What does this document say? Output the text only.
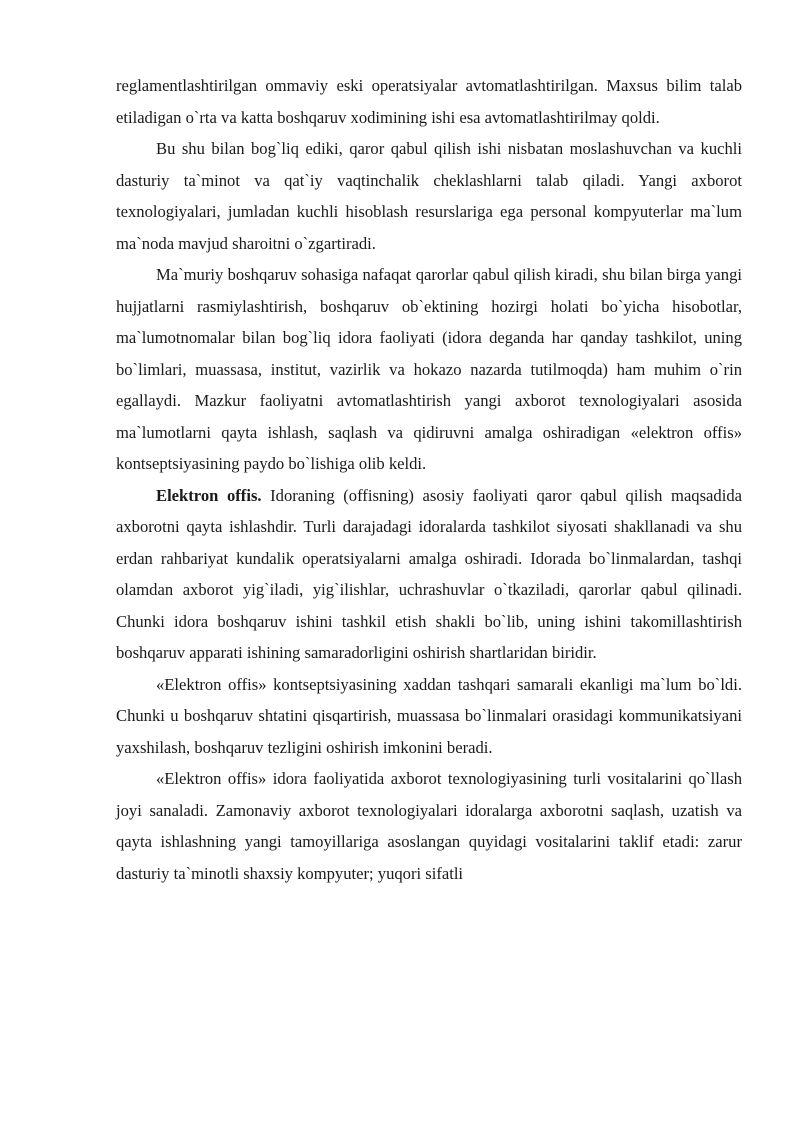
reglamentlashtirilgan ommaviy eski operatsiyalar avtomatlashtirilgan. Maxsus bilim talab etiladigan o`rta va katta boshqaruv xodimining ishi esa avtomatlashtirilmay qoldi.

Bu shu bilan bog`liq ediki, qaror qabul qilish ishi nisbatan moslashuvchan va kuchli dasturiy ta`minot va qat`iy vaqtinchalik cheklashlarni talab qiladi. Yangi axborot texnologiyalari, jumladan kuchli hisoblash resurslariga ega personal kompyuterlar ma`lum ma`noda mavjud sharoitni o`zgartiradi.

Ma`muriy boshqaruv sohasiga nafaqat qarorlar qabul qilish kiradi, shu bilan birga yangi hujjatlarni rasmiylashtirish, boshqaruv ob`ektining hozirgi holati bo`yicha hisobotlar, ma`lumotnomalar bilan bog`liq idora faoliyati (idora deganda har qanday tashkilot, uning bo`limlari, muassasa, institut, vazirlik va hokazo nazarda tutilmoqda) ham muhim o`rin egallaydi. Mazkur faoliyatni avtomatlashtirish yangi axborot texnologiyalari asosida ma`lumotlarni qayta ishlash, saqlash va qidiruvni amalga oshiradigan «elektron offis» kontseptsiyasining paydo bo`lishiga olib keldi.

Elektron offis. Idoraning (offisning) asosiy faoliyati qaror qabul qilish maqsadida axborotni qayta ishlashdir. Turli darajadagi idoralarda tashkilot siyosati shakllanadi va shu erdan rahbariyat kundalik operatsiyalarni amalga oshiradi. Idorada bo`linmalardan, tashqi olamdan axborot yig`iladi, yig`ilishlar, uchrashuvlar o`tkaziladi, qarorlar qabul qilinadi. Chunki idora boshqaruv ishini tashkil etish shakli bo`lib, uning ishini takomillashtirish boshqaruv apparati ishining samaradorligini oshirish shartlaridan biridir.

«Elektron offis» kontseptsiyasining xaddan tashqari samarali ekanligi ma`lum bo`ldi. Chunki u boshqaruv shtatini qisqartirish, muassasa bo`linmalari orasidagi kommunikatsiyani yaxshilash, boshqaruv tezligini oshirish imkonini beradi.

«Elektron offis» idora faoliyatida axborot texnologiyasining turli vositalarini qo`llash joyi sanaladi. Zamonaviy axborot texnologiyalari idoralarga axborotni saqlash, uzatish va qayta ishlashning yangi tamoyillariga asoslangan quyidagi vositalarini taklif etadi: zarur dasturiy ta`minotli shaxsiy kompyuter; yuqori sifatli
